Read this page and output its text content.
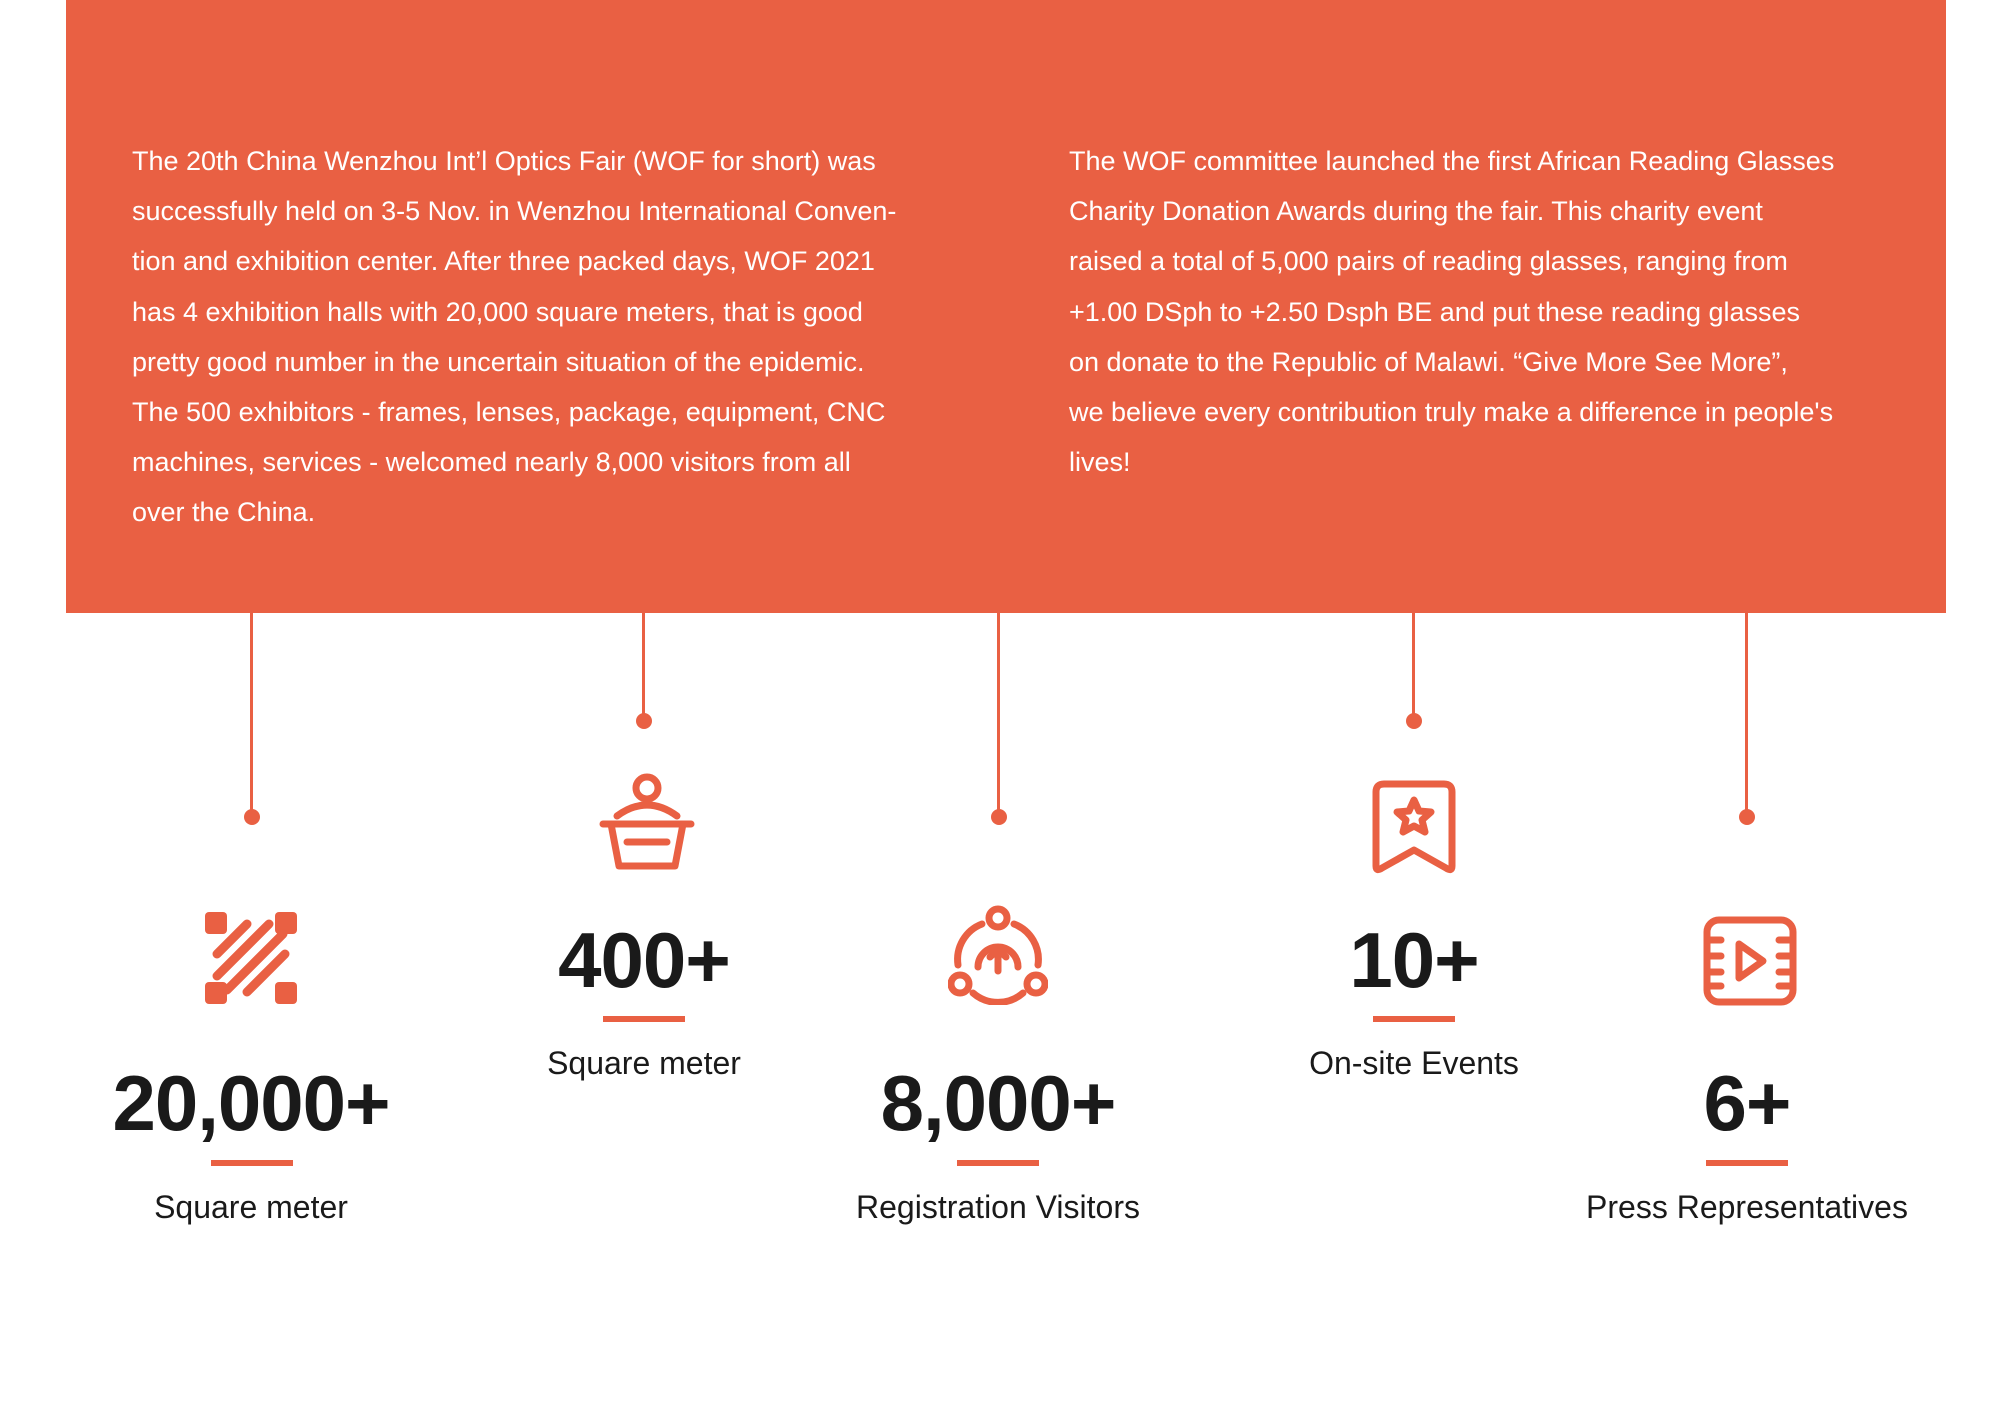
The 20th China Wenzhou Int’l Optics Fair (WOF for short) was
successfully held on 3-5 Nov. in Wenzhou International Conven-
tion and exhibition center. After three packed days, WOF 2021
has 4 exhibition halls with 20,000 square meters, that is good
pretty good number in the uncertain situation of the epidemic.
The 500 exhibitors - frames, lenses, package, equipment, CNC
machines, services - welcomed nearly 8,000 visitors from all
over the China.

The WOF committee launched the first African Reading Glasses
Charity Donation Awards during the fair. This charity event
raised a total of 5,000 pairs of reading glasses, ranging from
+1.00 DSph to +2.50 Dsph BE and put these reading glasses
on donate to the Republic of Malawi. “Give More See More”,
we believe every contribution truly make a difference in people's
lives!

20,000+
Square meter
400+
Square meter	8,000+
Registration Visitors
10+
On-site Events	6+
Press Representatives
